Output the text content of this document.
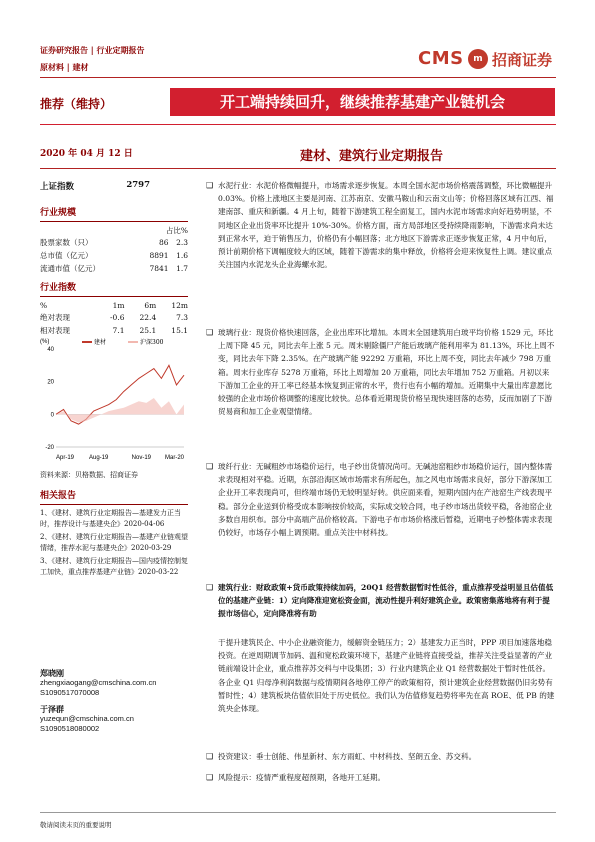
证券研究报告 | 行业定期报告
原材料 | 建材	CMS	m 招商证券
推荐（维持）	开工端持续回升，继续推荐基建产业链机会
2020 年 04 月 12 日	建材、建筑行业定期报告
上证指数	2797
行业规模
占比%
股票家数（只）	86	2.3
总市值（亿元）	8891	1.6
流通市值（亿元）	7841	1.7
行业指数
%	1m	6m	12m
绝对表现	-0.6	22.4	7.3
相对表现	7.1	25.1	15.1
(%)
40
20
0
-20
Apr-19 Aug-19	Nov-19 Mar-20
建材	沪深300
资料来源：贝格数据、招商证券
相关报告
1、《建材、建筑行业定期报告—基建发力正当时，推荐设计与基建央企》2020-04-06
2、《建材、建筑行业定期报告—基建产业链观望情绪，推荐水泥与基建央企》2020-03-29
3、《建材、建筑行业定期报告—国内疫情控制复工加快，重点推荐基建产业链》2020-03-22
郑晓刚
zhengxiaogang@cmschina.com.cn
S1090517070008
于泽群
yuzequn@cmschina.com.cn
S1090518080002
❑ 水泥行业：水泥价格微幅提升，市场需求逐步恢复。本周全国水泥市场价格震荡调整，环比微幅提升 0.03%。价格上涨地区主要是河南、江苏南京、安徽马鞍山和云南文山等；价格回落区域有江西、福建南部、重庆和新疆。4 月上旬，随着下游建筑工程全面复工，国内水泥市场需求向好趋势明显，不同地区企业出货率环比提升 10%-30%。价格方面，南方局部地区受持续降雨影响，下游需求尚未达到正常水平，迫于销售压力，价格仍有小幅回落；北方地区下游需求正逐步恢复正常，4 月中旬后，预计前期价格下调幅度较大的区域，随着下游需求的集中释放，价格将会迎来恢复性上调。建议重点关注国内水泥龙头企业海螺水泥。
❑ 玻璃行业：现货价格快速回落，企业出库环比增加。本周末全国建筑用白玻平均价格 1529 元，环比上周下降 45 元，同比去年上涨 5 元。周末剔除僵尸产能后玻璃产能利用率为 81.13%，环比上周不变，同比去年下降 2.35%。在产玻璃产能 92292 万重箱，环比上周不变，同比去年减少 798 万重箱。周末行业库存 5278 万重箱，环比上周增加 20 万重箱，同比去年增加 752 万重箱。月初以来下游加工企业的开工率已经基本恢复到正常的水平，贵行也有小幅的增加。近期集中大量出库意愿比较强的企业市场价格调整的速度比较快。总体看近期现货价格呈现快速回落的态势，反而加剧了下游贸易商和加工企业观望情绪。
❑ 玻纤行业：无碱粗纱市场稳价运行，电子纱出货情况尚可。无碱池窑粗纱市场稳价运行，国内整体需求表现相对平稳。近期，东部沿海区域市场需求有所起色，加之风电市场需求良好，部分下游深加工企业开工率表现尚可，但终端市场仍无较明显好转。供应面来看，短期内国内在产池窑生产线表现平稳。部分企业送到价格受成本影响按价较高，实际成交较合同，电子纱市场出货较平稳，各池窑企业多数自用织布。部分中高端产品价格较高。下游电子布市场价格涨后暂稳，近期电子纱整体需求表现仍较好，市场存小幅上调预期。重点关注中材科技。
❑ 建筑行业：财政政策+货币政策持续加码，20Q1 经营数据暂时性低谷，重点推荐受益明显且估值低位的基建产业链：1）定向降准迎宽松资金面，流动性提升利好建筑企业。政策密集落地将有利于提振市场信心，定向降准将有助
于提升建筑民企、中小企业融资能力，缓解资金链压力；2）基建发力正当时，PPP 项目加速落地稳投资。在逆周期调节加码、温和宽松政策环境下，基建产业链将直接受益，推荐关注受益显著的产业链前端设计企业，重点推荐苏交科与中设集团；3）行业内建筑企业 Q1 经营数据处于暂时性低谷。各企业 Q1 归母净利润数据与疫情期间各地停工停产的政策相符，预计建筑企业经营数据仍旧劣势有暂时性；4）建筑板块估值依旧处于历史低位。我们认为估值修复趋势将率先在高 ROE、低 PB 的建筑央企体现。
❑ 投资建议：垂士创能、伟星新材、东方雨虹、中材科技、坚朗五金、苏交科。
❑ 风险提示：疫情严重程度超预期，各地开工延期。
敬请阅读末页的重要说明
